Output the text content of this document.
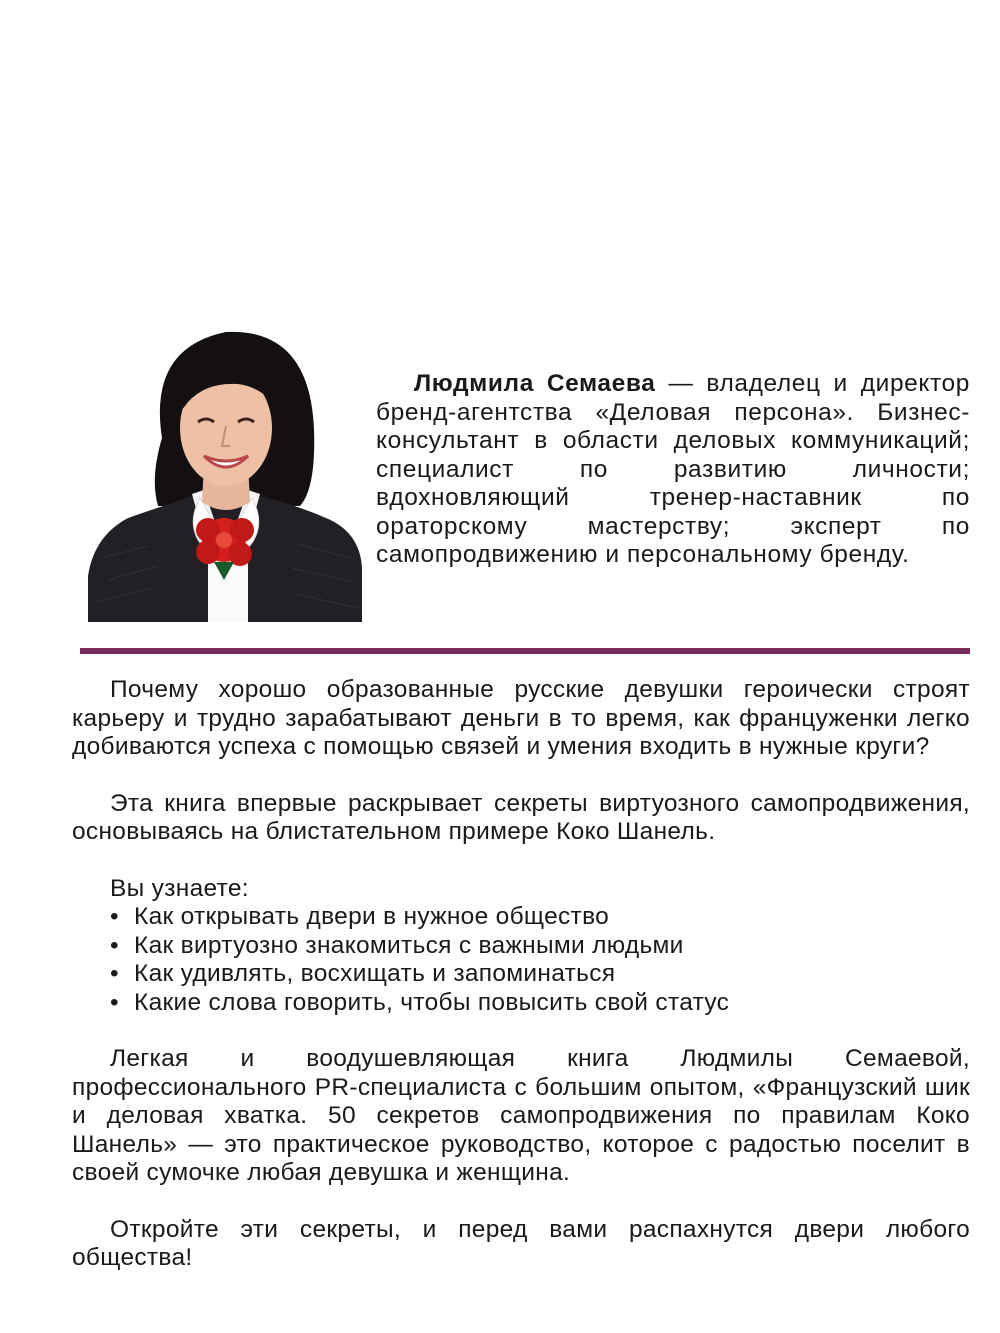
Людмила Семаева — владелец и директор бренд-агентства «Деловая персона». Бизнес-консультант в области деловых коммуникаций; специалист по развитию личности; вдохновляющий тренер-наставник по ораторскому мастерству; эксперт по самопродвижению и персональному бренду.

Почему хорошо образованные русские девушки героически строят карьеру и трудно зарабатывают деньги в то время, как француженки легко добиваются успеха с помощью связей и умения входить в нужные круги?

Эта книга впервые раскрывает секреты виртуозного самопродвижения, основываясь на блистательном примере Коко Шанель.

Вы узнаете:
• Как открывать двери в нужное общество
• Как виртуозно знакомиться с важными людьми
• Как удивлять, восхищать и запоминаться
• Какие слова говорить, чтобы повысить свой статус

Легкая и воодушевляющая книга Людмилы Семаевой, профессионального PR-специалиста с большим опытом, «Французский шик и деловая хватка. 50 секретов самопродвижения по правилам Коко Шанель» — это практическое руководство, которое с радостью поселит в своей сумочке любая девушка и женщина.

Откройте эти секреты, и перед вами распахнутся двери любого общества!
